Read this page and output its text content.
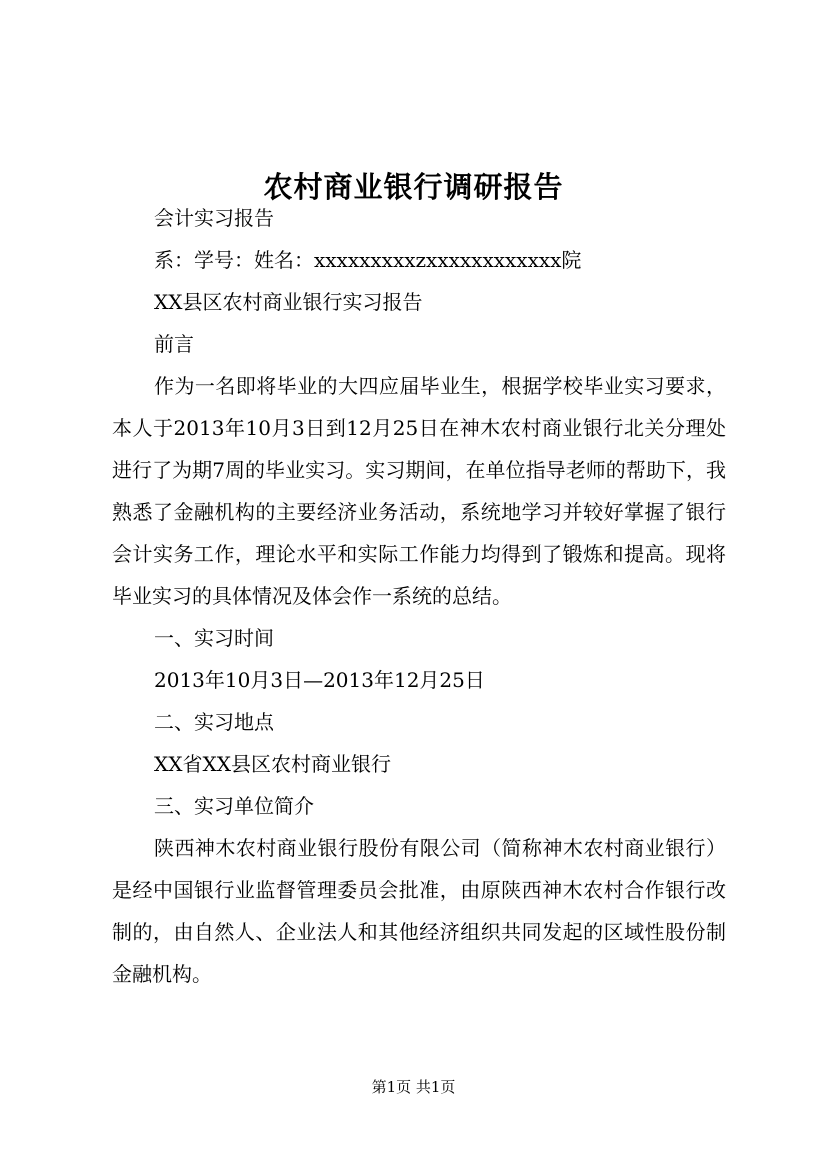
农村商业银行调研报告

会计实习报告

系：学号：姓名：xxxxxxxxxzxxxxxxxxxxxx院

XX县区农村商业银行实习报告

前言

作为一名即将毕业的大四应届毕业生，根据学校毕业实习要求，本人于2013年10月3日到12月25日在神木农村商业银行北关分理处进行了为期7周的毕业实习。实习期间，在单位指导老师的帮助下，我熟悉了金融机构的主要经济业务活动，系统地学习并较好掌握了银行会计实务工作，理论水平和实际工作能力均得到了锻炼和提高。现将毕业实习的具体情况及体会作一系统的总结。

一、实习时间

2013年10月3日—2013年12月25日

二、实习地点

XX省XX县区农村商业银行

三、实习单位简介

陕西神木农村商业银行股份有限公司（简称神木农村商业银行）是经中国银行业监督管理委员会批准，由原陕西神木农村合作银行改制的，由自然人、企业法人和其他经济组织共同发起的区域性股份制金融机构。

第1页 共1页
